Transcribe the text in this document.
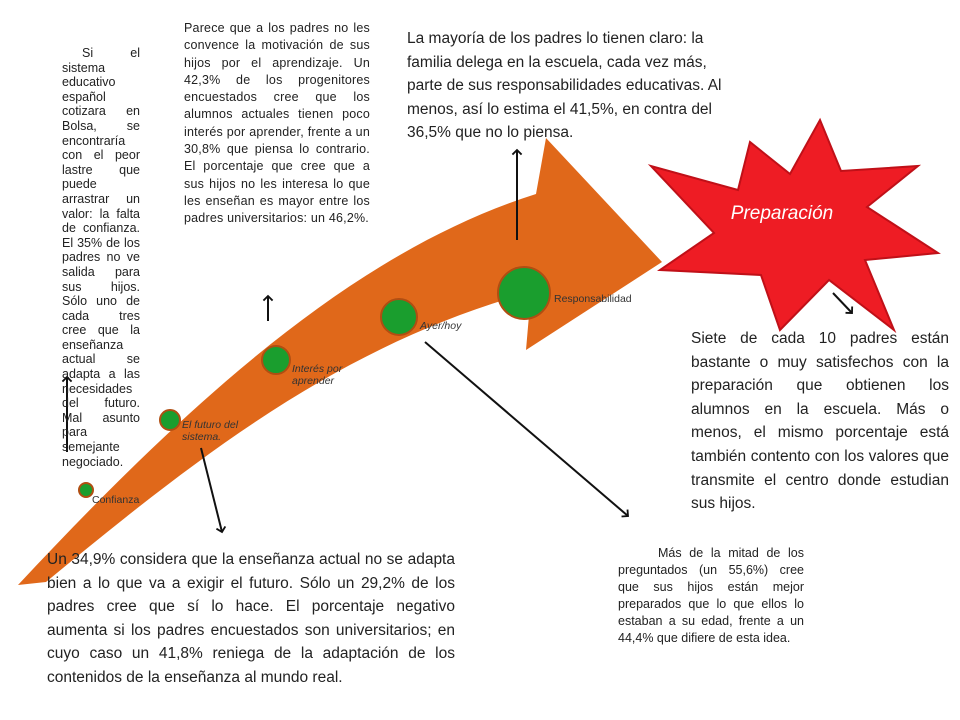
Confianza
El futuro del sistema.
Interés por aprender
Ayer/hoy
Responsabilidad
Preparación

Si el sistema educativo español cotizara en Bolsa, se encontraría con el peor lastre que puede arrastrar un valor: la falta de confianza. El 35% de los padres no ve salida para sus hijos. Sólo uno de cada tres cree que la enseñanza actual se adapta a las necesidades del futuro. Mal asunto para semejante negociado.

Parece que a los padres no les convence la motivación de sus hijos por el aprendizaje. Un 42,3% de los progenitores encuestados cree que los alumnos actuales tienen poco interés por aprender, frente a un 30,8% que piensa lo contrario. El porcentaje que cree que a sus hijos no les interesa lo que les enseñan es mayor entre los padres universitarios: un 46,2%.

La mayoría de los padres lo tienen claro: la familia delega en la escuela, cada vez más, parte de sus responsabilidades educativas. Al menos, así lo estima el 41,5%, en contra del 36,5% que no lo piensa.

Siete de cada 10 padres están bastante o muy satisfechos con la preparación que obtienen los alumnos en la escuela. Más o menos, el mismo porcentaje está también contento con los valores que transmite el centro donde estudian sus hijos.

Un 34,9% considera que la enseñanza actual no se adapta bien a lo que va a exigir el futuro. Sólo un 29,2% de los padres cree que sí lo hace. El porcentaje negativo aumenta si los padres encuestados son universitarios; en cuyo caso un 41,8% reniega de la adaptación de los contenidos de la enseñanza al mundo real.

Más de la mitad de los preguntados (un 55,6%) cree que sus hijos están mejor preparados que lo que ellos lo estaban a su edad, frente a un 44,4% que difiere de esta idea.
